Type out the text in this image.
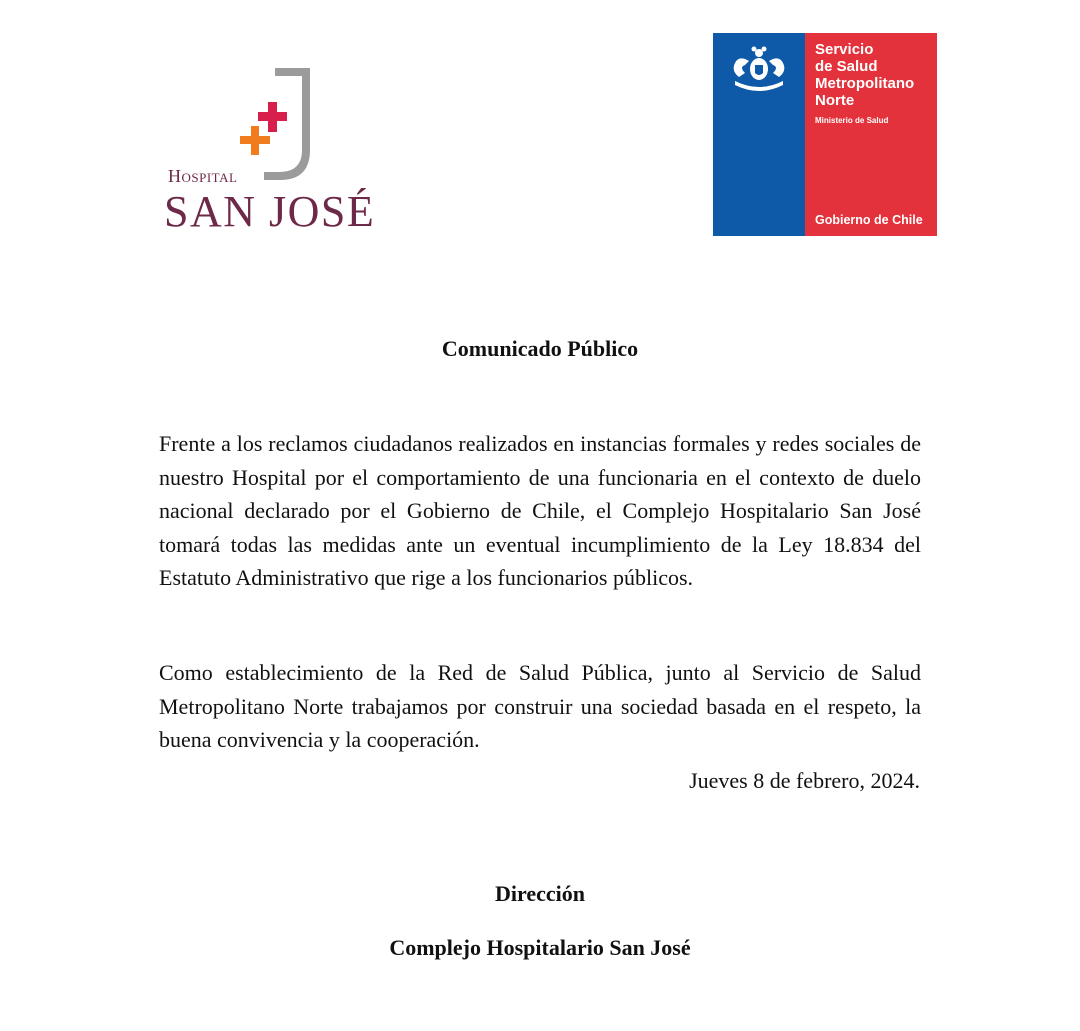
Hospital
SAN JOSÉ
Servicio
de Salud
Metropolitano
Norte
Ministerio de Salud
Gobierno de Chile
Comunicado Público

Frente a los reclamos ciudadanos realizados en instancias formales y redes sociales de nuestro Hospital por el comportamiento de una funcionaria en el contexto de duelo nacional declarado por el Gobierno de Chile, el Complejo Hospitalario San José tomará todas las medidas ante un eventual incumplimiento de la Ley 18.834 del Estatuto Administrativo que rige a los funcionarios públicos.

Como establecimiento de la Red de Salud Pública, junto al Servicio de Salud Metropolitano Norte trabajamos por construir una sociedad basada en el respeto, la buena convivencia y la cooperación.

Jueves 8 de febrero, 2024.
Dirección
Complejo Hospitalario San José
